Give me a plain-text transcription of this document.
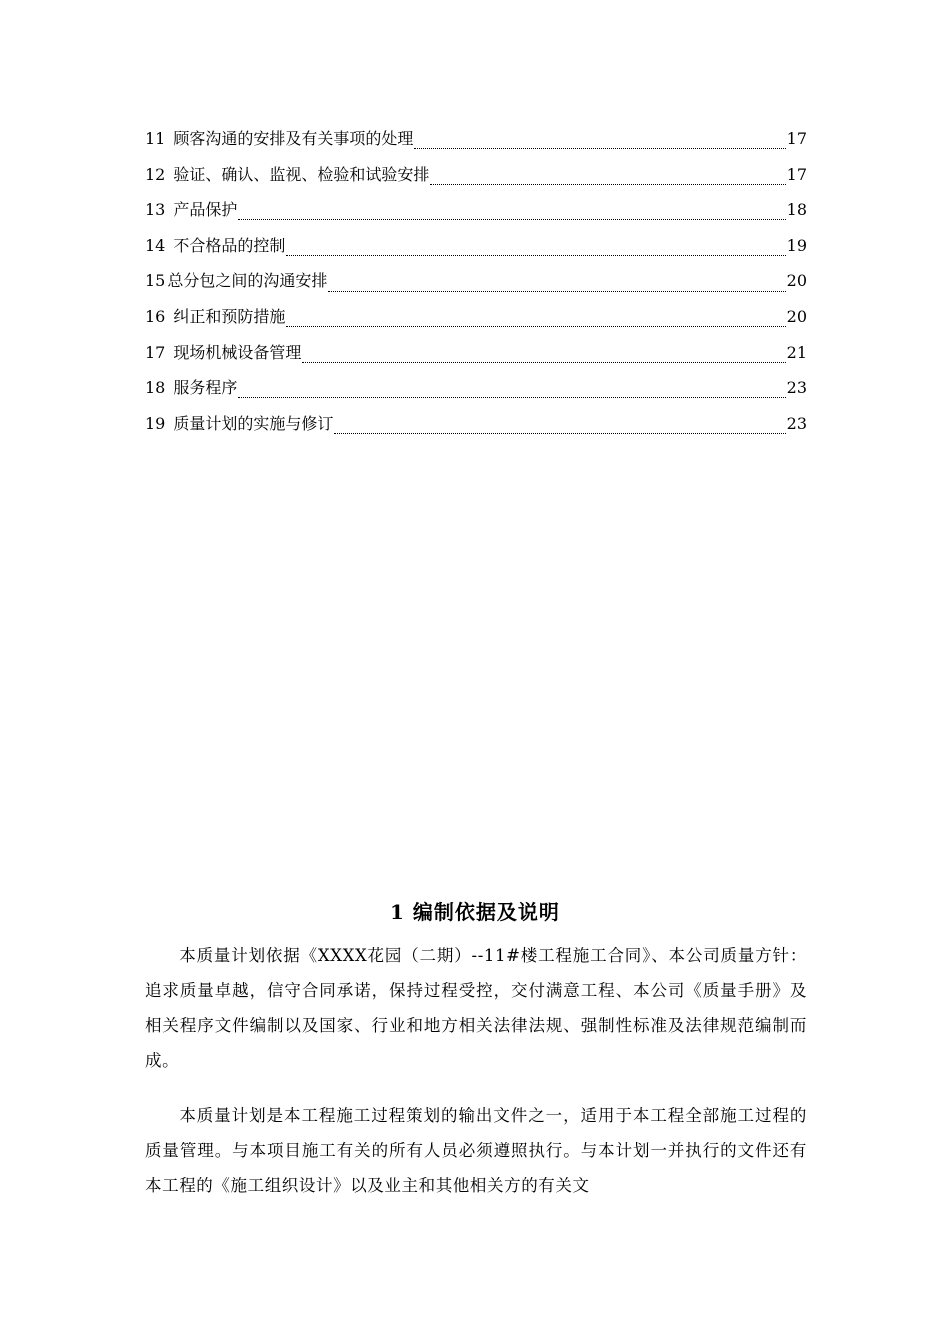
11 顾客沟通的安排及有关事项的处理	17
12 验证、确认、监视、检验和试验安排	17
13 产品保护	18
14 不合格品的控制	19
15 总分包之间的沟通安排	20
16 纠正和预防措施	20
17 现场机械设备管理	21
18 服务程序	23
19 质量计划的实施与修订	23
1 编制依据及说明

本质量计划依据《XXXX花园（二期）--11#楼工程施工合同》、本公司质量方针：追求质量卓越，信守合同承诺，保持过程受控，交付满意工程、本公司《质量手册》及相关程序文件编制以及国家、行业和地方相关法律法规、强制性标准及法律规范编制而成。

本质量计划是本工程施工过程策划的输出文件之一，适用于本工程全部施工过程的质量管理。与本项目施工有关的所有人员必须遵照执行。与本计划一并执行的文件还有本工程的《施工组织设计》以及业主和其他相关方的有关文
